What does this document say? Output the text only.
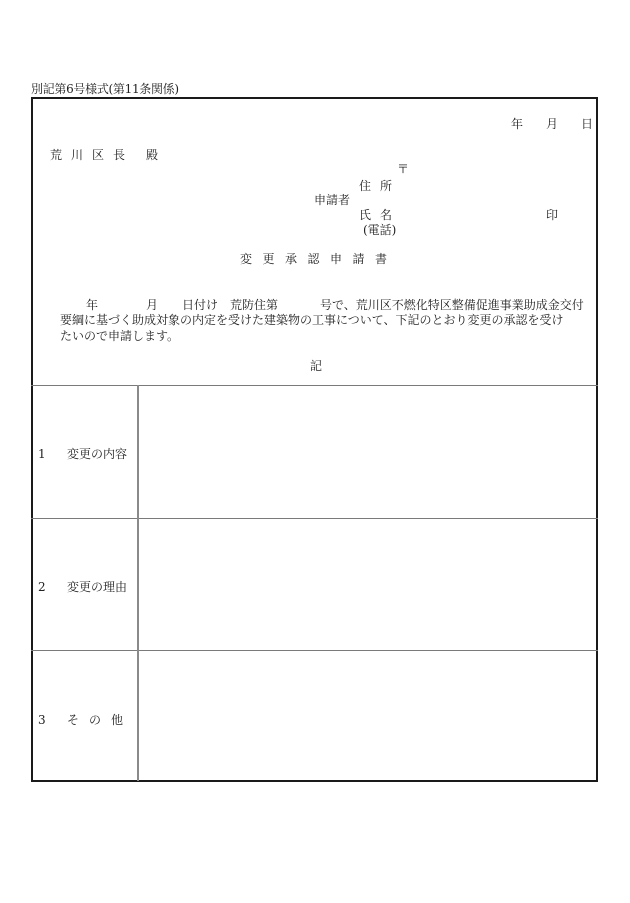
別記第6号様式(第11条関係)
年 月 日
荒川区長 殿
〒
住所
申請者
氏名	印
(電話)
変更承認申請書
年	月 日付け　荒防住第	号で、荒川区不燃化特区整備促進事業助成金交付
要綱に基づく助成対象の内定を受けた建築物の工事について、下記のとおり変更の承認を受け
たいので申請します。
記
1 変更の内容
2 変更の理由
3 その他
